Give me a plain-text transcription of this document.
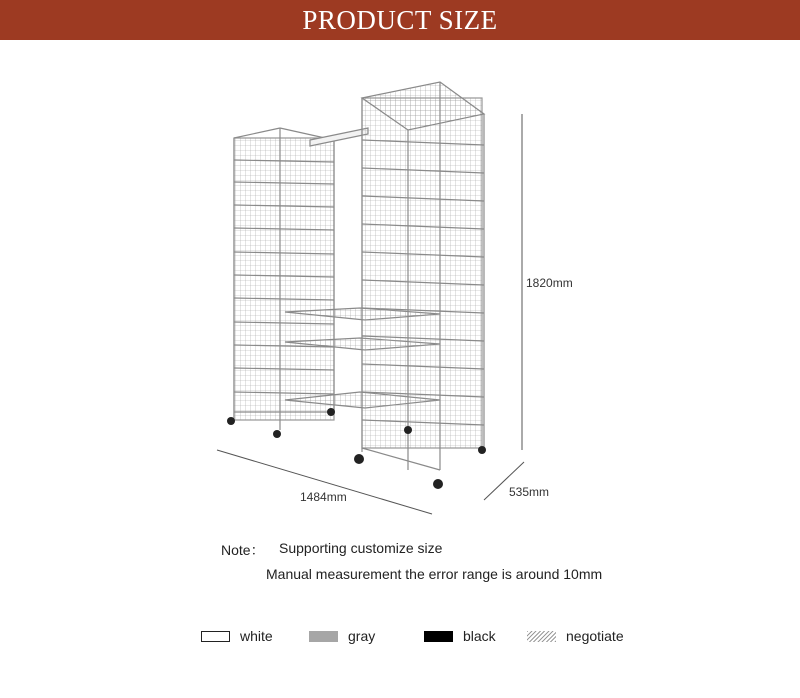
PRODUCT SIZE
1820mm
1484mm	535mm
Note： Supporting customize size
Manual measurement the error range is around 10mm
white	gray	black	negotiate
